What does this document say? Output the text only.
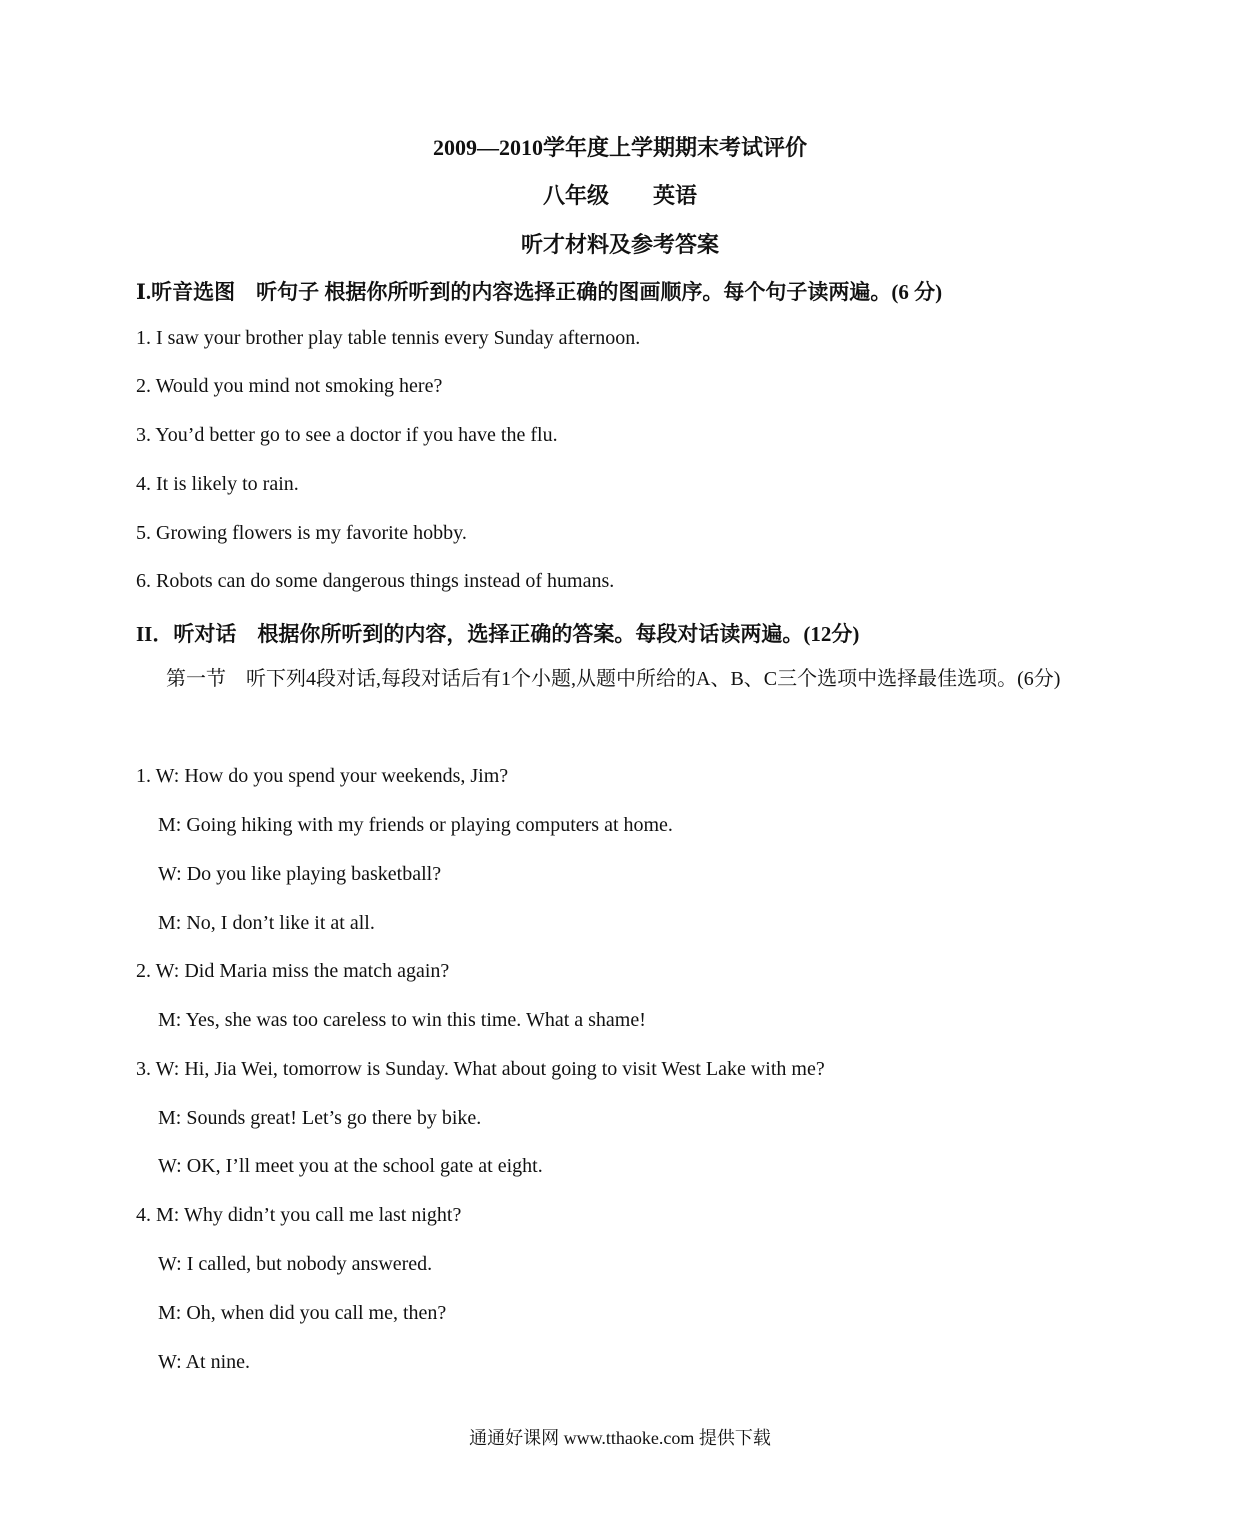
2009—2010学年度上学期期末考试评价
八年级　　英语
听才材料及参考答案
Ⅰ.听音选图　听句子 根据你所听到的内容选择正确的图画顺序。每个句子读两遍。(6 分)
1. I saw your brother play table tennis every Sunday afternoon.
2. Would you mind not smoking here?
3. You’d better go to see a doctor if you have the flu.
4. It is likely to rain.
5. Growing flowers is my favorite hobby.
6. Robots can do some dangerous things instead of humans.
II．听对话　根据你所听到的内容，选择正确的答案。每段对话读两遍。(12分)
第一节　听下列4段对话,每段对话后有1个小题,从题中所给的A、B、C三个选项中选择最佳选项。(6分)
1. W: How do you spend your weekends, Jim?
M: Going hiking with my friends or playing computers at home.
W: Do you like playing basketball?
M: No, I don’t like it at all.
2. W: Did Maria miss the match again?
M: Yes, she was too careless to win this time. What a shame!
3. W: Hi, Jia Wei, tomorrow is Sunday. What about going to visit West Lake with me?
M: Sounds great! Let’s go there by bike.
W: OK, I’ll meet you at the school gate at eight.
4. M: Why didn’t you call me last night?
W: I called, but nobody answered.
M: Oh, when did you call me, then?
W: At nine.
通通好课网 www.tthaoke.com 提供下载
